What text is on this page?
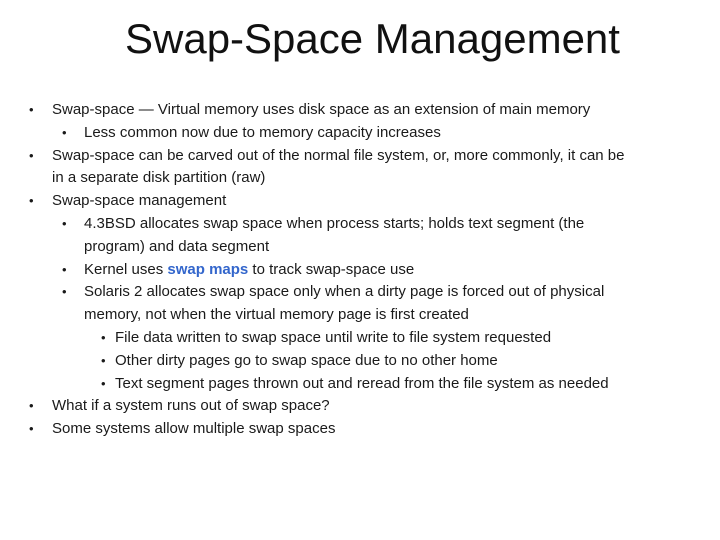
Swap-Space Management
• Swap-space — Virtual memory uses disk space as an extension of main memory
• Less common now due to memory capacity increases
• Swap-space can be carved out of the normal file system, or, more commonly, it can be
in a separate disk partition (raw)
• Swap-space management
• 4.3BSD allocates swap space when process starts; holds text segment (the
program) and data segment
• Kernel uses swap maps to track swap-space use
• Solaris 2 allocates swap space only when a dirty page is forced out of physical
memory, not when the virtual memory page is first created
• File data written to swap space until write to file system requested
• Other dirty pages go to swap space due to no other home
• Text segment pages thrown out and reread from the file system as needed
• What if a system runs out of swap space?
• Some systems allow multiple swap spaces
